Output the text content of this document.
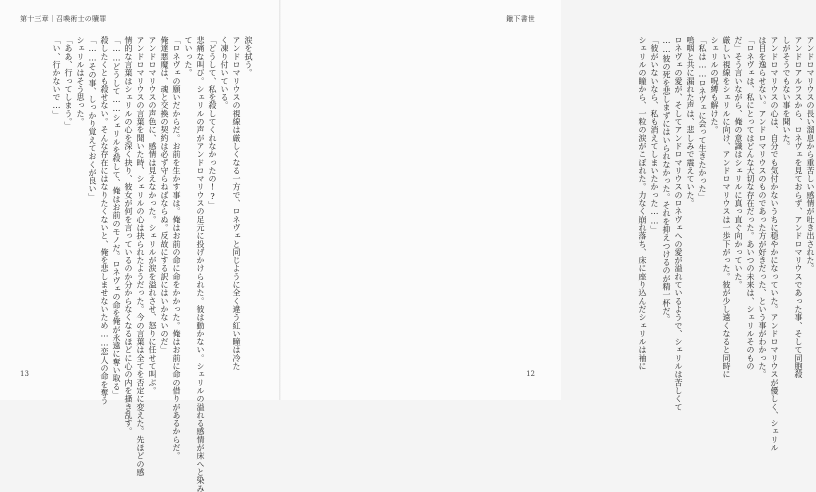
第十三章｜召喚術士の贖罪
涙を拭う。
アンドロマリウスの視線は厳しくなる一方で、ロネヴェと同じように全く違う紅い瞳は冷た
く凍り付いている。
「どうして、私を殺してくれなかったの!?」
悲痛な叫び。シェリルの声がアンドロマリウスの足元に投げかけられた。彼は動かない。シェリルの溢れる感情が床へと染み
ていった。
「ロネヴェの願いだからだ。お前を生かす事は。俺はお前の命に命をかかった。俺はお前に命の借りがあるからだ。
俺達悪魔は、魂と交換の契約は必ず守らねばならぬ。反故にする訳にはいかないのだ」
アンドロマリウスの声色に、感情は見えなかった。シェリルが涙を溢れさせ、怒りに任せて叫ぶ。
アンドロマリウスの言葉を聞いた時、シェリルの心は抉られたようだった。今の言葉は全てを否定に変えた。先ほどの感
情的な言葉はシェリルの心を深く抉り、彼女が何を言っているのか分からなくなるほどに心の内を搔き乱す。
「……どうして……シェリルを殺して、俺はお前のモノだ。ロネヴェの命を俺が永遠に奪い取る」
殺したくとも殺せない。そんな存在にはなりたくないと、俺を悲しませないため……恋人の命を奪う
「……その事、しっかり覚えておくが良い」
シェリルはそう思った。
「ああ、行ってしまう。」
「い、行かないで…」
13
鑞下書世
アンドロマリウスの長い溜息から重苦しい感情が吐き出された。
アンドロアルフスから、ロネヴェを見ておらず、アンドロマリウスであった事、そして同胞殺
しがそうでもない事を聞いた。
アンドロマリウスの心は、自分でも気付かないうちに穏やかになっていた。アンドロマリウスが優しく、シェリル
は目を逸らせない。アンドロマリウスのものであった方が好きだった、という事がわかった。
「ロネヴェは、私にとってはどんな大切な存在だった。あいつの未来は、シェリルそのもの
だ」そう言いながら、俺の意識はシェリルに真っ直ぐ向かっていた。
厳しい視線をシェリルに向け、アンドロマリウスは一歩下がった。彼が少し遠くなると同時に
シェリルの呪縛も解けた。
「私は……ロネヴェに会って生きたかった」
嗚咽と共に漏れた声は、悲しみで震えていた。
ロネヴェの愛が、そしてアンドロマリウスのロネヴェへの愛が溢れているようで、シェリルは苦しくて
……彼の死を悲しまずにはいられなかった。それを抑えつけるのが精一杯だ。
「彼がいないなら、私も消えてしまいたかった……」
シェリルの瞳から、一粒の涙がこぼれた。力なく崩れ落ち、床に座り込んだシェリルは袖に
12
